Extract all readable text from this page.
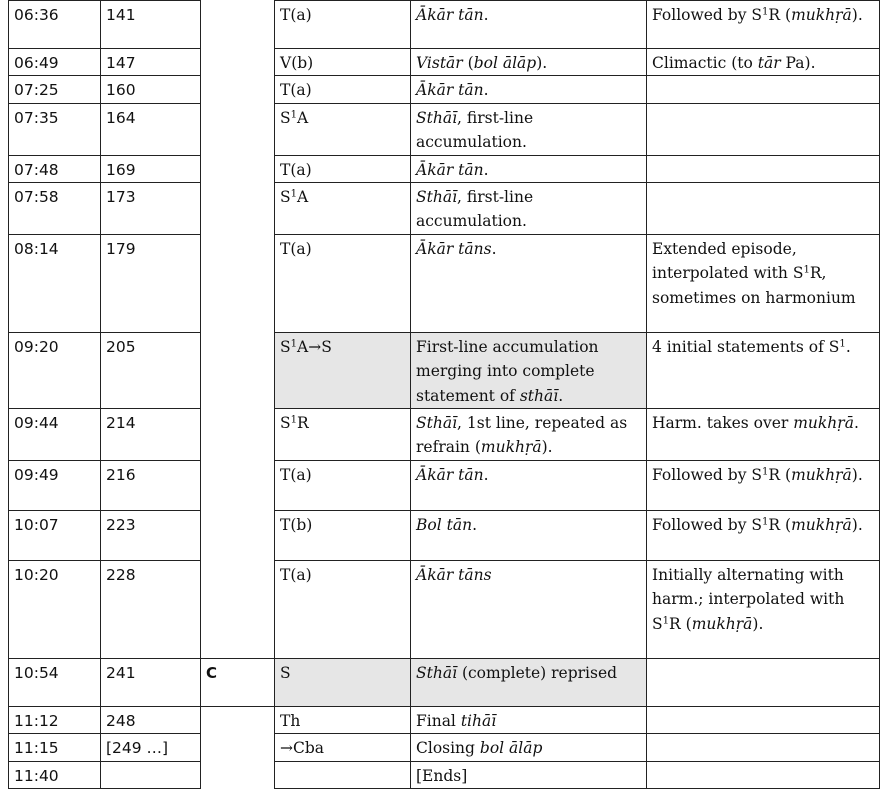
06:36	141		T(a)	Ākār tān.	Followed by $S^1R$ (mukhṛā).
06:49	147		V(b)	Vistār (bol ālāp).	Climactic (to tār Pa).
07:25	160		T(a)	Ākār tān.	
07:35	164		$S^1A$	Sthāī, first-line accumulation.	
07:48	169		T(a)	Ākār tān.	
07:58	173		$S^1A$	Sthāī, first-line accumulation.	
08:14	179		T(a)	Ākār tāns.	Extended episode, interpolated with $S^1R$, sometimes on harmonium
09:20	205		$S^1A\to S$	First-line accumulation merging into complete statement of sthāī.	4 initial statements of $S^1$.
09:44	214		$S^1R$	Sthāī, 1st line, repeated as refrain (mukhṛā).	Harm. takes over mukhṛā.
09:49	216		T(a)	Ākār tān.	Followed by $S^1R$ (mukhṛā).
10:07	223		T(b)	Bol tān.	Followed by $S^1R$ (mukhṛā).
10:20	228		T(a)	Ākār tāns	Initially alternating with harm.; interpolated with $S^1R$ (mukhṛā).
10:54	241	C	S	Sthāī (complete) reprised	
11:12	248		Th	Final tihāī	
11:15	[249 …]		→Cba	Closing bol ālāp	
11:40				[Ends]	
